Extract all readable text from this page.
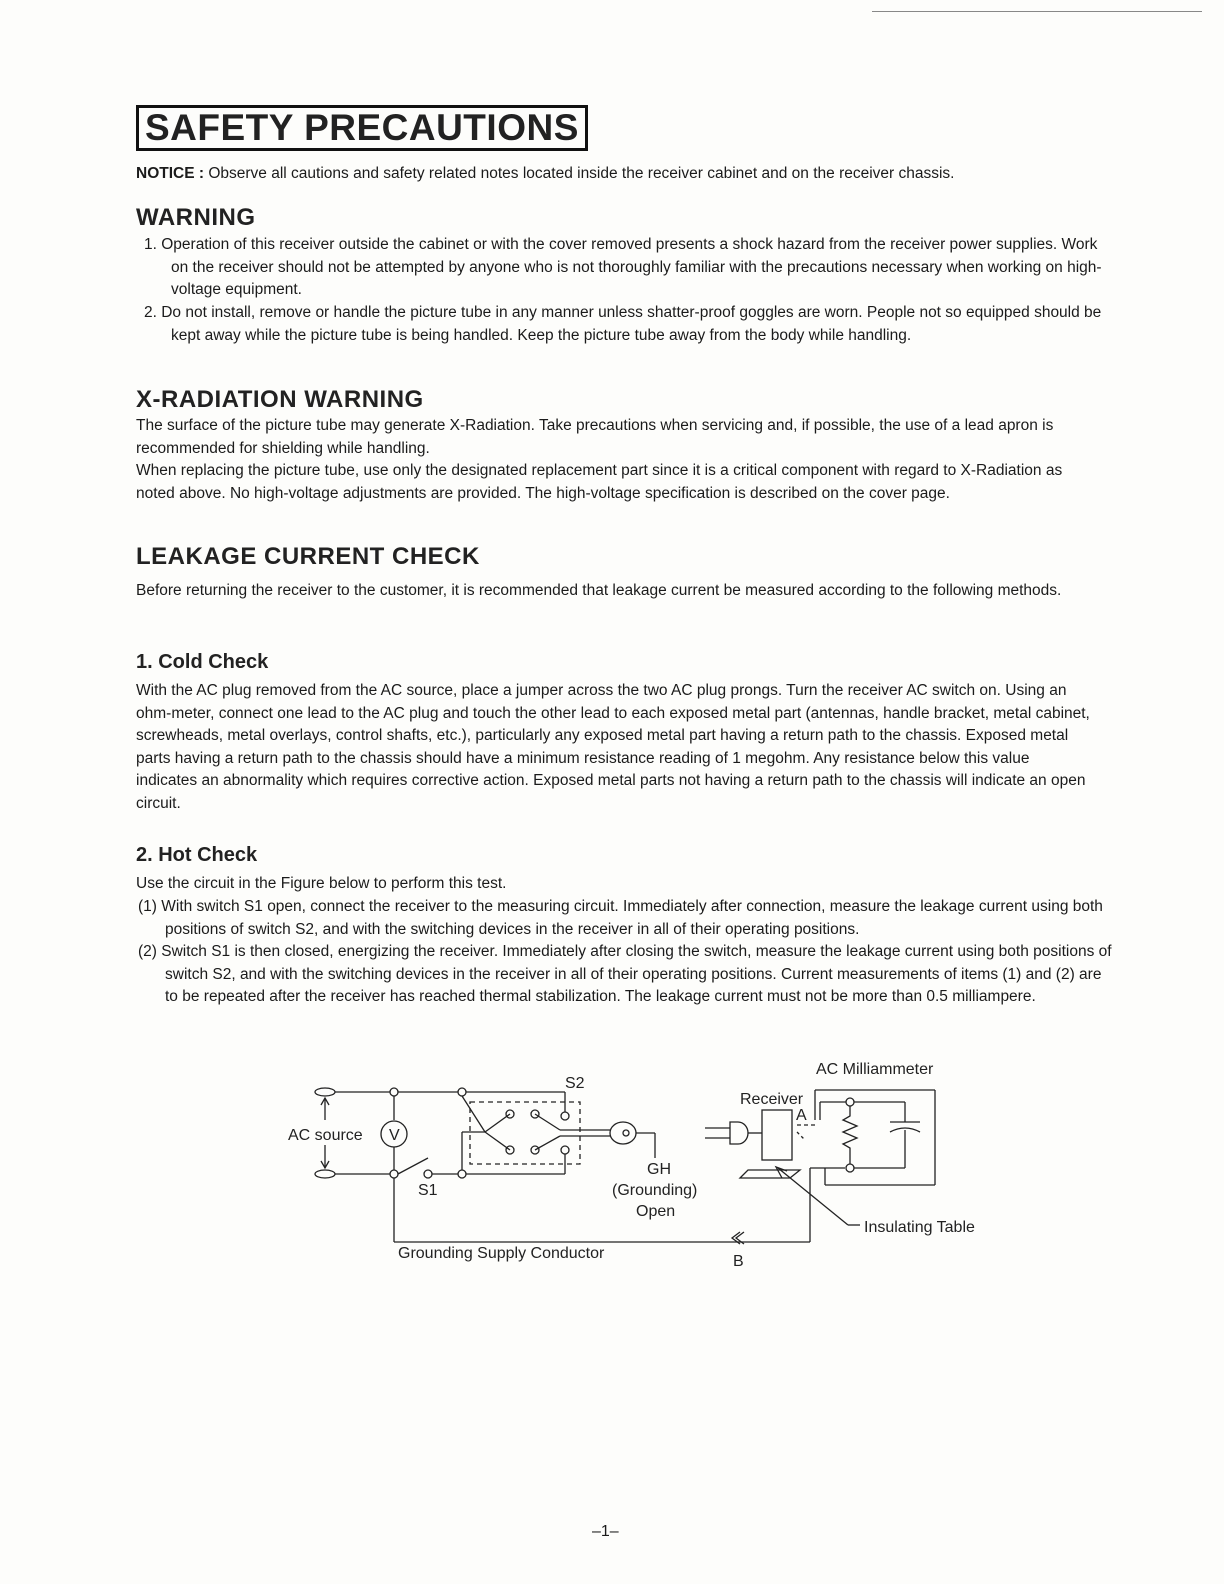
SAFETY PRECAUTIONS
NOTICE : Observe all cautions and safety related notes located inside the receiver cabinet and on the receiver chassis.
WARNING
1. Operation of this receiver outside the cabinet or with the cover removed presents a shock hazard from the receiver power supplies. Work on the receiver should not be attempted by anyone who is not thoroughly familiar with the precautions necessary when working on high-voltage equipment.
2. Do not install, remove or handle the picture tube in any manner unless shatter-proof goggles are worn. People not so equipped should be kept away while the picture tube is being handled. Keep the picture tube away from the body while handling.
X-RADIATION WARNING
The surface of the picture tube may generate X-Radiation. Take precautions when servicing and, if possible, the use of a lead apron is recommended for shielding while handling.
When replacing the picture tube, use only the designated replacement part since it is a critical component with regard to X-Radiation as noted above. No high-voltage adjustments are provided. The high-voltage specification is described on the cover page.
LEAKAGE CURRENT CHECK
Before returning the receiver to the customer, it is recommended that leakage current be measured according to the following methods.
1. Cold Check
With the AC plug removed from the AC source, place a jumper across the two AC plug prongs. Turn the receiver AC switch on. Using an ohm-meter, connect one lead to the AC plug and touch the other lead to each exposed metal part (antennas, handle bracket, metal cabinet, screwheads, metal overlays, control shafts, etc.), particularly any exposed metal part having a return path to the chassis. Exposed metal parts having a return path to the chassis should have a minimum resistance reading of 1 megohm. Any resistance below this value indicates an abnormality which requires corrective action. Exposed metal parts not having a return path to the chassis will indicate an open circuit.
2. Hot Check
Use the circuit in the Figure below to perform this test.
(1) With switch S1 open, connect the receiver to the measuring circuit. Immediately after connection, measure the leakage current using both positions of switch S2, and with the switching devices in the receiver in all of their operating positions.
(2) Switch S1 is then closed, energizing the receiver. Immediately after closing the switch, measure the leakage current using both positions of switch S2, and with the switching devices in the receiver in all of their operating positions. Current measurements of items (1) and (2) are to be repeated after the receiver has reached thermal stabilization. The leakage current must not be more than 0.5 milliampere.
AC source V
S1
S2
GH
(Grounding)
Open
Receiver
A
AC Milliammeter
Insulating Table
Grounding Supply Conductor	B
–1–
